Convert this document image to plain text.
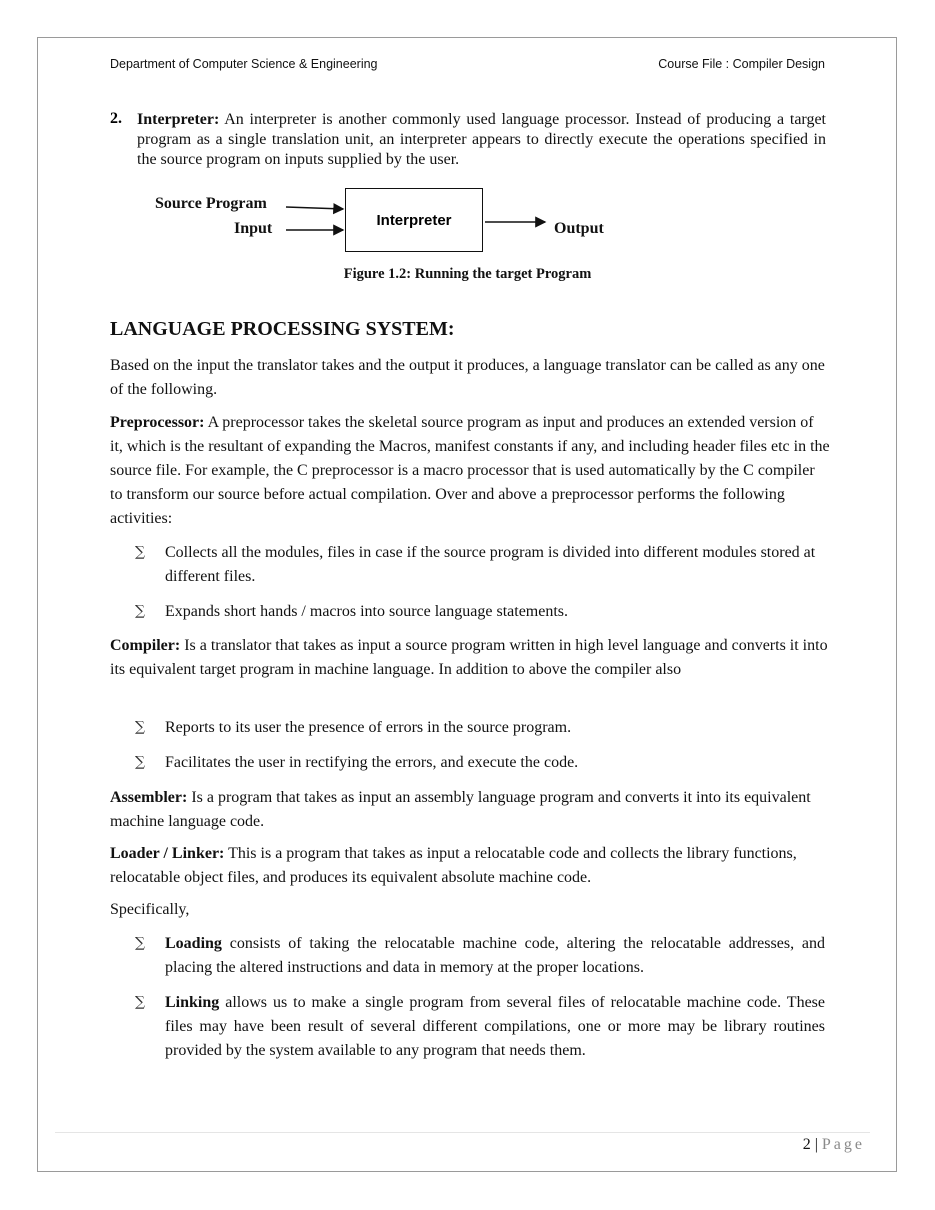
Department of Computer Science & Engineering	Course File : Compiler Design
2. Interpreter: An interpreter is another commonly used language processor. Instead of producing a target program as a single translation unit, an interpreter appears to directly execute the operations specified in the source program on inputs supplied by the user.
Source Program
Input	Interpreter	Output
Figure 1.2: Running the target Program
LANGUAGE PROCESSING SYSTEM:
Based on the input the translator takes and the output it produces, a language translator can be called as any one of the following.
Preprocessor: A preprocessor takes the skeletal source program as input and produces an extended version of it, which is the resultant of expanding the Macros, manifest constants if any, and including header files etc in the source file. For example, the C preprocessor is a macro processor that is used automatically by the C compiler to transform our source before actual compilation. Over and above a preprocessor performs the following activities:
∑ Collects all the modules, files in case if the source program is divided into different modules stored at different files.
∑ Expands short hands / macros into source language statements.
Compiler: Is a translator that takes as input a source program written in high level language and converts it into its equivalent target program in machine language. In addition to above the compiler also
∑ Reports to its user the presence of errors in the source program.
∑ Facilitates the user in rectifying the errors, and execute the code.
Assembler: Is a program that takes as input an assembly language program and converts it into its equivalent machine language code.
Loader / Linker: This is a program that takes as input a relocatable code and collects the library functions, relocatable object files, and produces its equivalent absolute machine code.
Specifically,
∑ Loading consists of taking the relocatable machine code, altering the relocatable addresses, and placing the altered instructions and data in memory at the proper locations.
∑ Linking allows us to make a single program from several files of relocatable machine code. These files may have been result of several different compilations, one or more may be library routines provided by the system available to any program that needs them.
2 | Page
